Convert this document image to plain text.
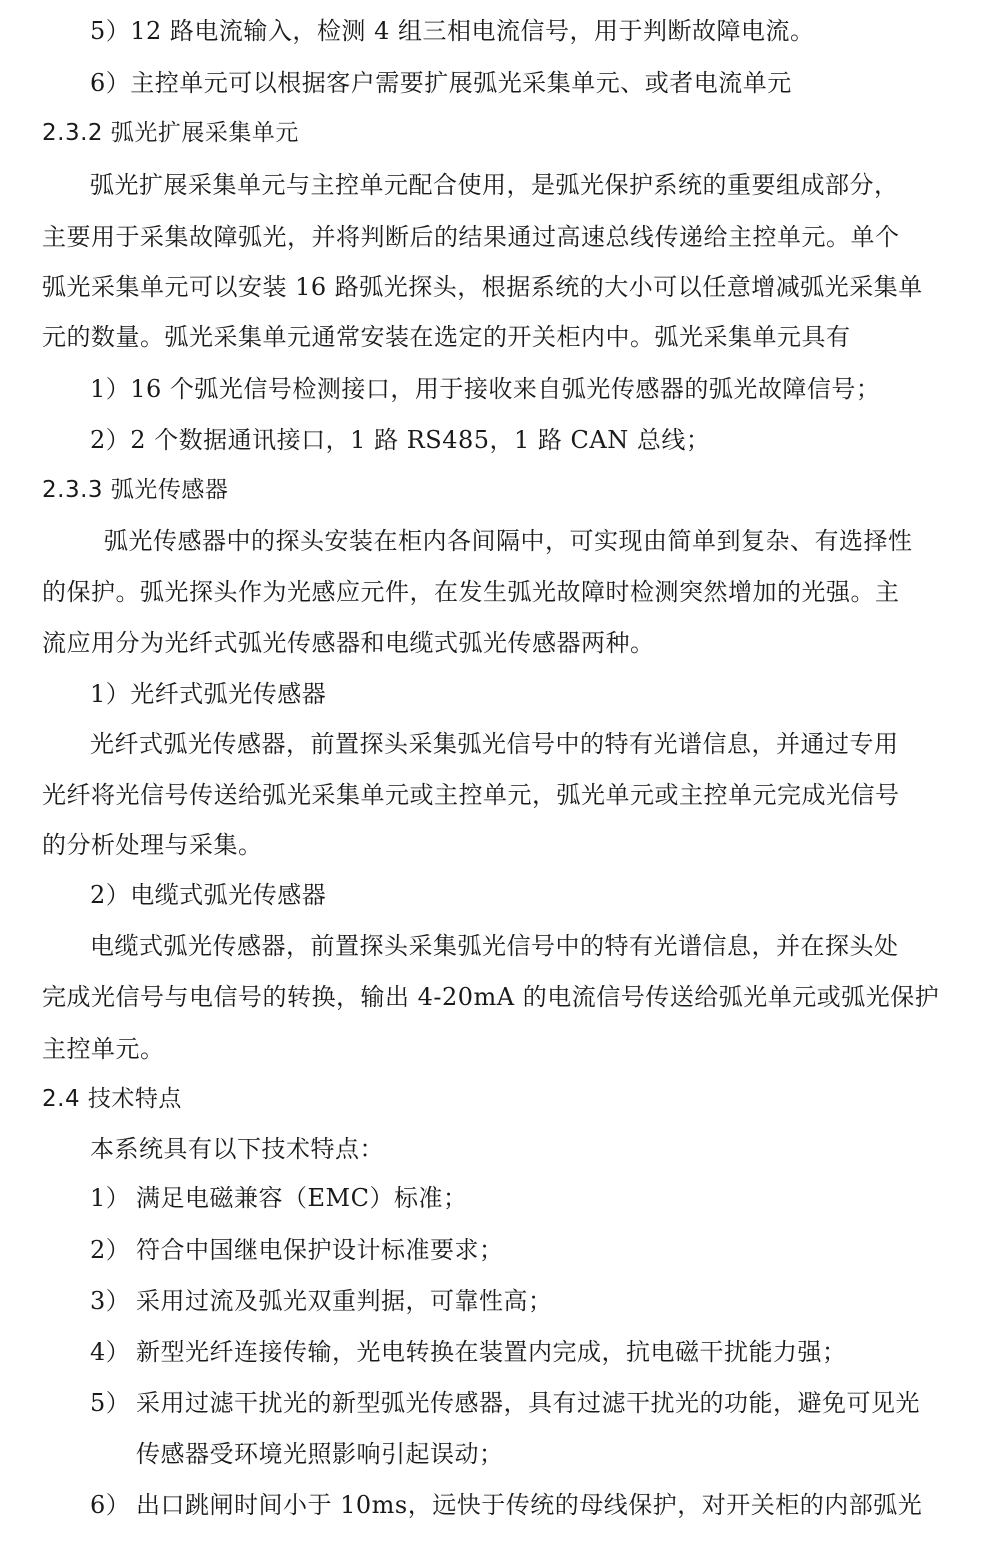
5）12 路电流输入，检测 4 组三相电流信号，用于判断故障电流。
6）主控单元可以根据客户需要扩展弧光采集单元、或者电流单元
2.3.2 弧光扩展采集单元
弧光扩展采集单元与主控单元配合使用，是弧光保护系统的重要组成部分，
主要用于采集故障弧光，并将判断后的结果通过高速总线传递给主控单元。单个
弧光采集单元可以安装 16 路弧光探头，根据系统的大小可以任意增减弧光采集单
元的数量。弧光采集单元通常安装在选定的开关柜内中。弧光采集单元具有
1）16 个弧光信号检测接口，用于接收来自弧光传感器的弧光故障信号；
2）2 个数据通讯接口，1 路 RS485，1 路 CAN 总线；
2.3.3 弧光传感器
弧光传感器中的探头安装在柜内各间隔中，可实现由简单到复杂、有选择性
的保护。弧光探头作为光感应元件，在发生弧光故障时检测突然增加的光强。主
流应用分为光纤式弧光传感器和电缆式弧光传感器两种。
1）光纤式弧光传感器
光纤式弧光传感器，前置探头采集弧光信号中的特有光谱信息，并通过专用
光纤将光信号传送给弧光采集单元或主控单元，弧光单元或主控单元完成光信号
的分析处理与采集。
2）电缆式弧光传感器
电缆式弧光传感器，前置探头采集弧光信号中的特有光谱信息，并在探头处
完成光信号与电信号的转换，输出 4-20mA 的电流信号传送给弧光单元或弧光保护
主控单元。
2.4 技术特点
本系统具有以下技术特点：
1） 满足电磁兼容（EMC）标准；
2） 符合中国继电保护设计标准要求；
3） 采用过流及弧光双重判据，可靠性高；
4） 新型光纤连接传输，光电转换在装置内完成，抗电磁干扰能力强；
5） 采用过滤干扰光的新型弧光传感器，具有过滤干扰光的功能，避免可见光
传感器受环境光照影响引起误动；
6） 出口跳闸时间小于 10ms，远快于传统的母线保护，对开关柜的内部弧光
